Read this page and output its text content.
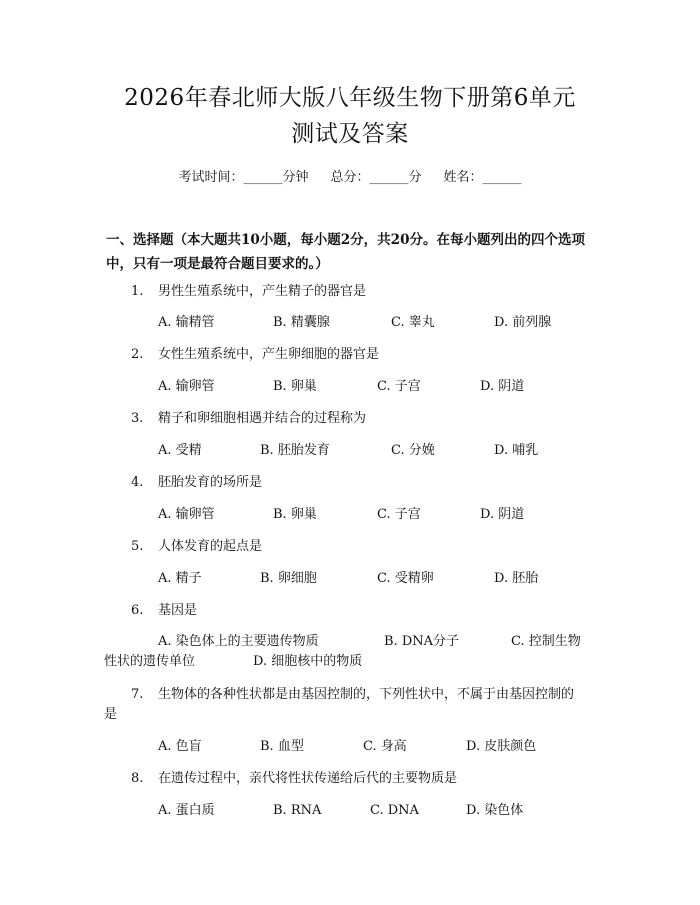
2026年春北师大版八年级生物下册第6单元
测试及答案
考试时间：______分钟 总分：______分 姓名：______
一、选择题（本大题共10小题，每小题2分，共20分。在每小题列出的四个选项中，只有一项是最符合题目要求的。）
1. 男性生殖系统中，产生精子的器官是
A. 输精管	B. 精囊腺	C. 睾丸	D. 前列腺
2. 女性生殖系统中，产生卵细胞的器官是
A. 输卵管	B. 卵巢	C. 子宫	D. 阴道
3. 精子和卵细胞相遇并结合的过程称为
A. 受精	B. 胚胎发育	C. 分娩	D. 哺乳
4. 胚胎发育的场所是
A. 输卵管	B. 卵巢	C. 子宫	D. 阴道
5. 人体发育的起点是
A. 精子	B. 卵细胞	C. 受精卵	D. 胚胎
6. 基因是
A. 染色体上的主要遗传物质	B. DNA分子	C. 控制生物
性状的遗传单位	D. 细胞核中的物质
7. 生物体的各种性状都是由基因控制的，下列性状中，不属于由基因控制的
是
A. 色盲	B. 血型	C. 身高	D. 皮肤颜色
8. 在遗传过程中，亲代将性状传递给后代的主要物质是
A. 蛋白质	B. RNA	C. DNA	D. 染色体
